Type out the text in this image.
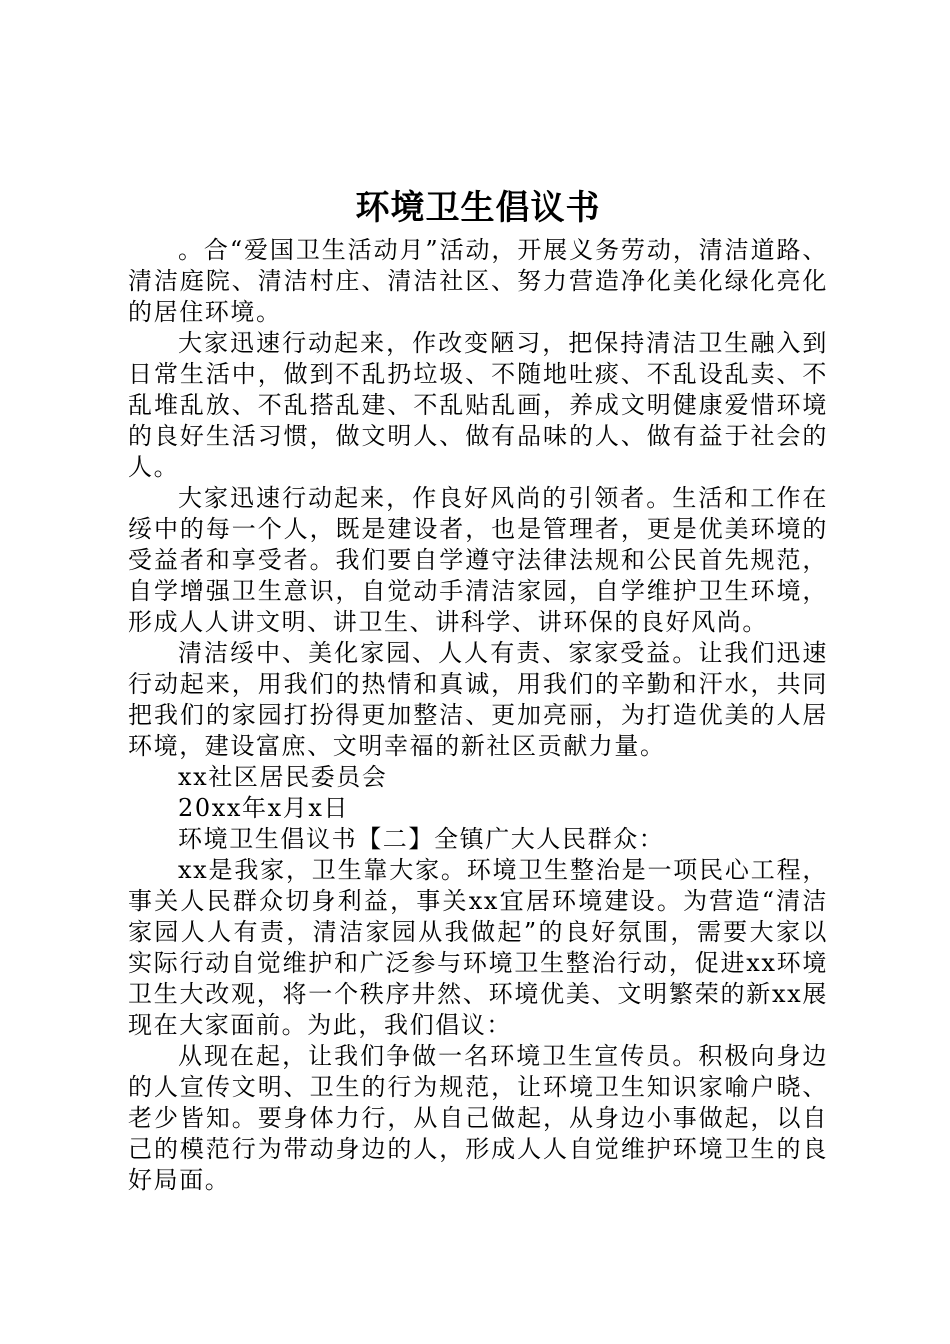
环境卫生倡议书

。合“爱国卫生活动月”活动，开展义务劳动，清洁道路、清洁庭院、清洁村庄、清洁社区、努力营造净化美化绿化亮化的居住环境。

大家迅速行动起来，作改变陋习，把保持清洁卫生融入到日常生活中，做到不乱扔垃圾、不随地吐痰、不乱设乱卖、不乱堆乱放、不乱搭乱建、不乱贴乱画，养成文明健康爱惜环境的良好生活习惯，做文明人、做有品味的人、做有益于社会的人。

大家迅速行动起来，作良好风尚的引领者。生活和工作在绥中的每一个人，既是建设者，也是管理者，更是优美环境的受益者和享受者。我们要自学遵守法律法规和公民首先规范，自学增强卫生意识，自觉动手清洁家园，自学维护卫生环境，形成人人讲文明、讲卫生、讲科学、讲环保的良好风尚。

清洁绥中、美化家园、人人有责、家家受益。让我们迅速行动起来，用我们的热情和真诚，用我们的辛勤和汗水，共同把我们的家园打扮得更加整洁、更加亮丽，为打造优美的人居环境，建设富庶、文明幸福的新社区贡献力量。

xx社区居民委员会

20xx年x月x日

环境卫生倡议书【二】全镇广大人民群众：

xx是我家，卫生靠大家。环境卫生整治是一项民心工程，事关人民群众切身利益，事关xx宜居环境建设。为营造“清洁家园人人有责，清洁家园从我做起”的良好氛围，需要大家以实际行动自觉维护和广泛参与环境卫生整治行动，促进xx环境卫生大改观，将一个秩序井然、环境优美、文明繁荣的新xx展现在大家面前。为此，我们倡议：

从现在起，让我们争做一名环境卫生宣传员。积极向身边的人宣传文明、卫生的行为规范，让环境卫生知识家喻户晓、老少皆知。要身体力行，从自己做起，从身边小事做起，以自己的模范行为带动身边的人，形成人人自觉维护环境卫生的良好局面。
